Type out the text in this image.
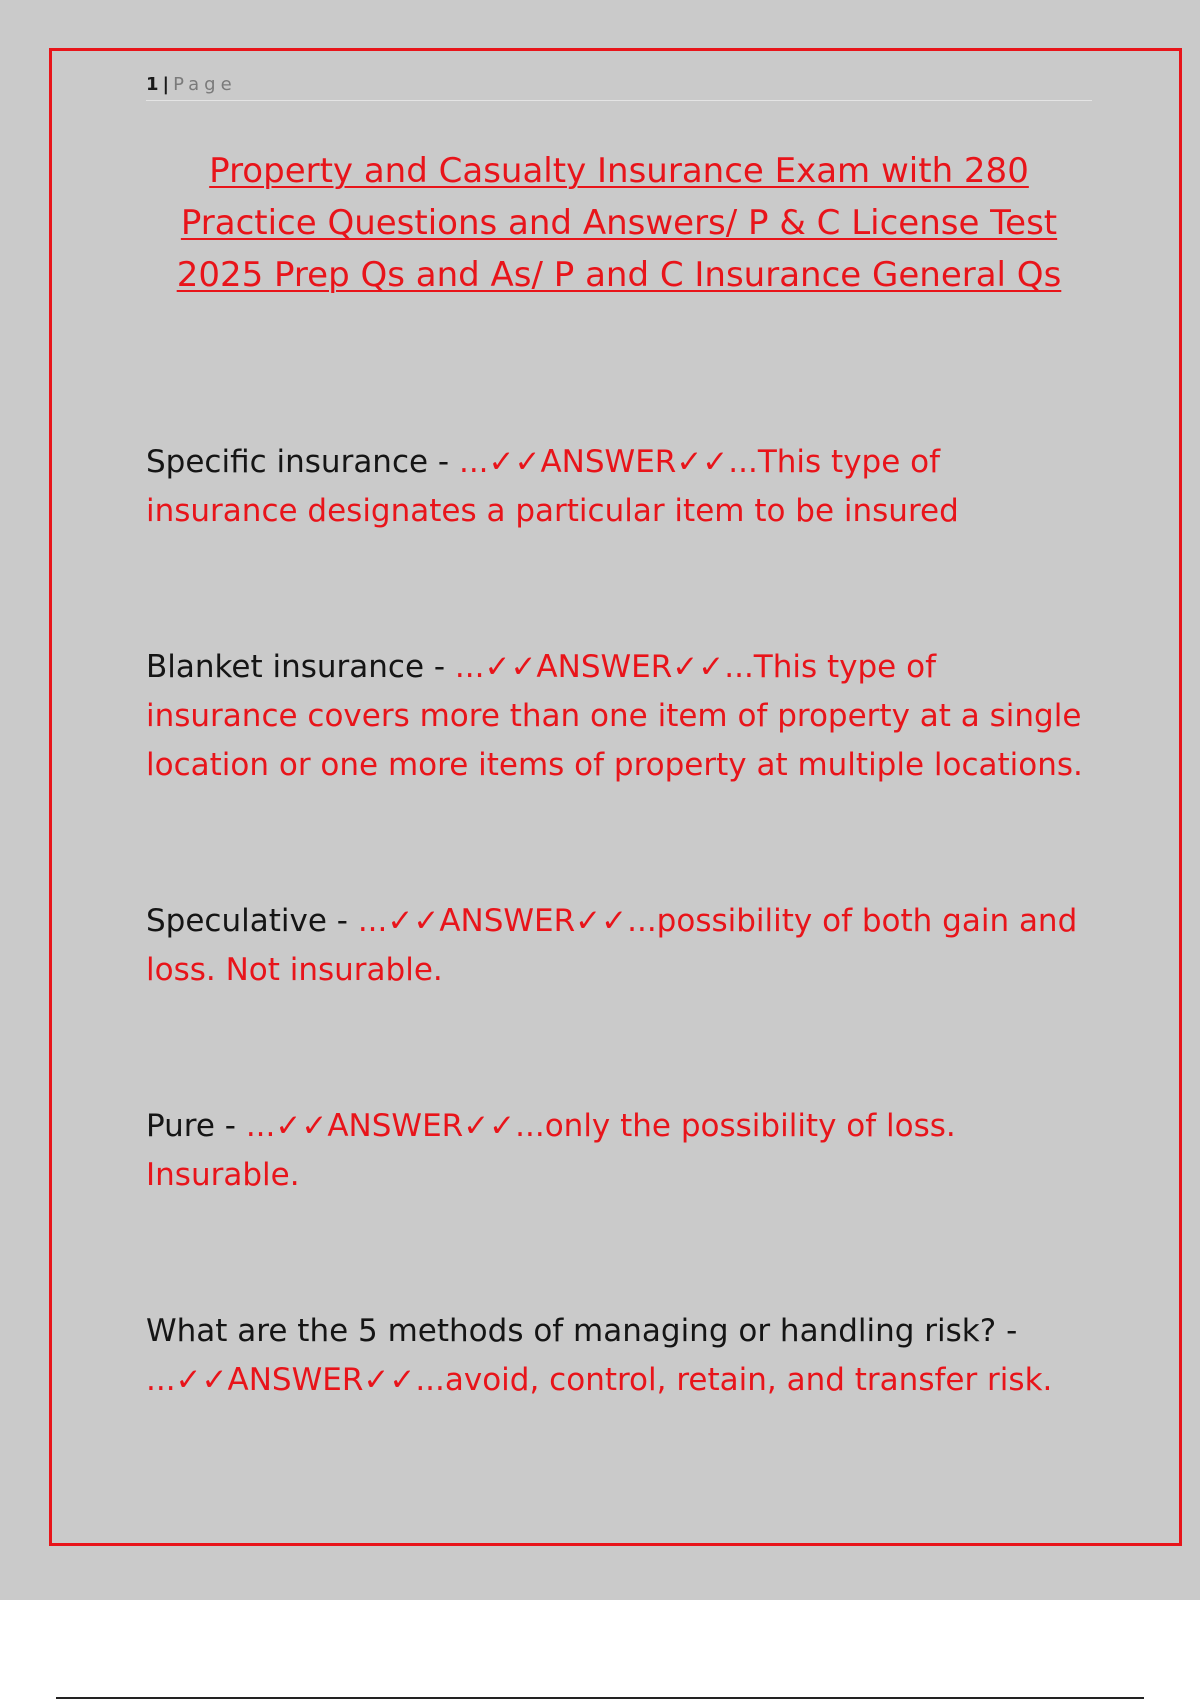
1 | Page
Property and Casualty Insurance Exam with 280 Practice Questions and Answers/ P & C License Test 2025 Prep Qs and As/ P and C Insurance General Qs

Specific insurance - ...✓✓ANSWER✓✓...This type of insurance designates a particular item to be insured

Blanket insurance - ...✓✓ANSWER✓✓...This type of insurance covers more than one item of property at a single location or one more items of property at multiple locations.

Speculative - ...✓✓ANSWER✓✓...possibility of both gain and loss. Not insurable.

Pure - ...✓✓ANSWER✓✓...only the possibility of loss. Insurable.

What are the 5 methods of managing or handling risk? - ...✓✓ANSWER✓✓...avoid, control, retain, and transfer risk.
